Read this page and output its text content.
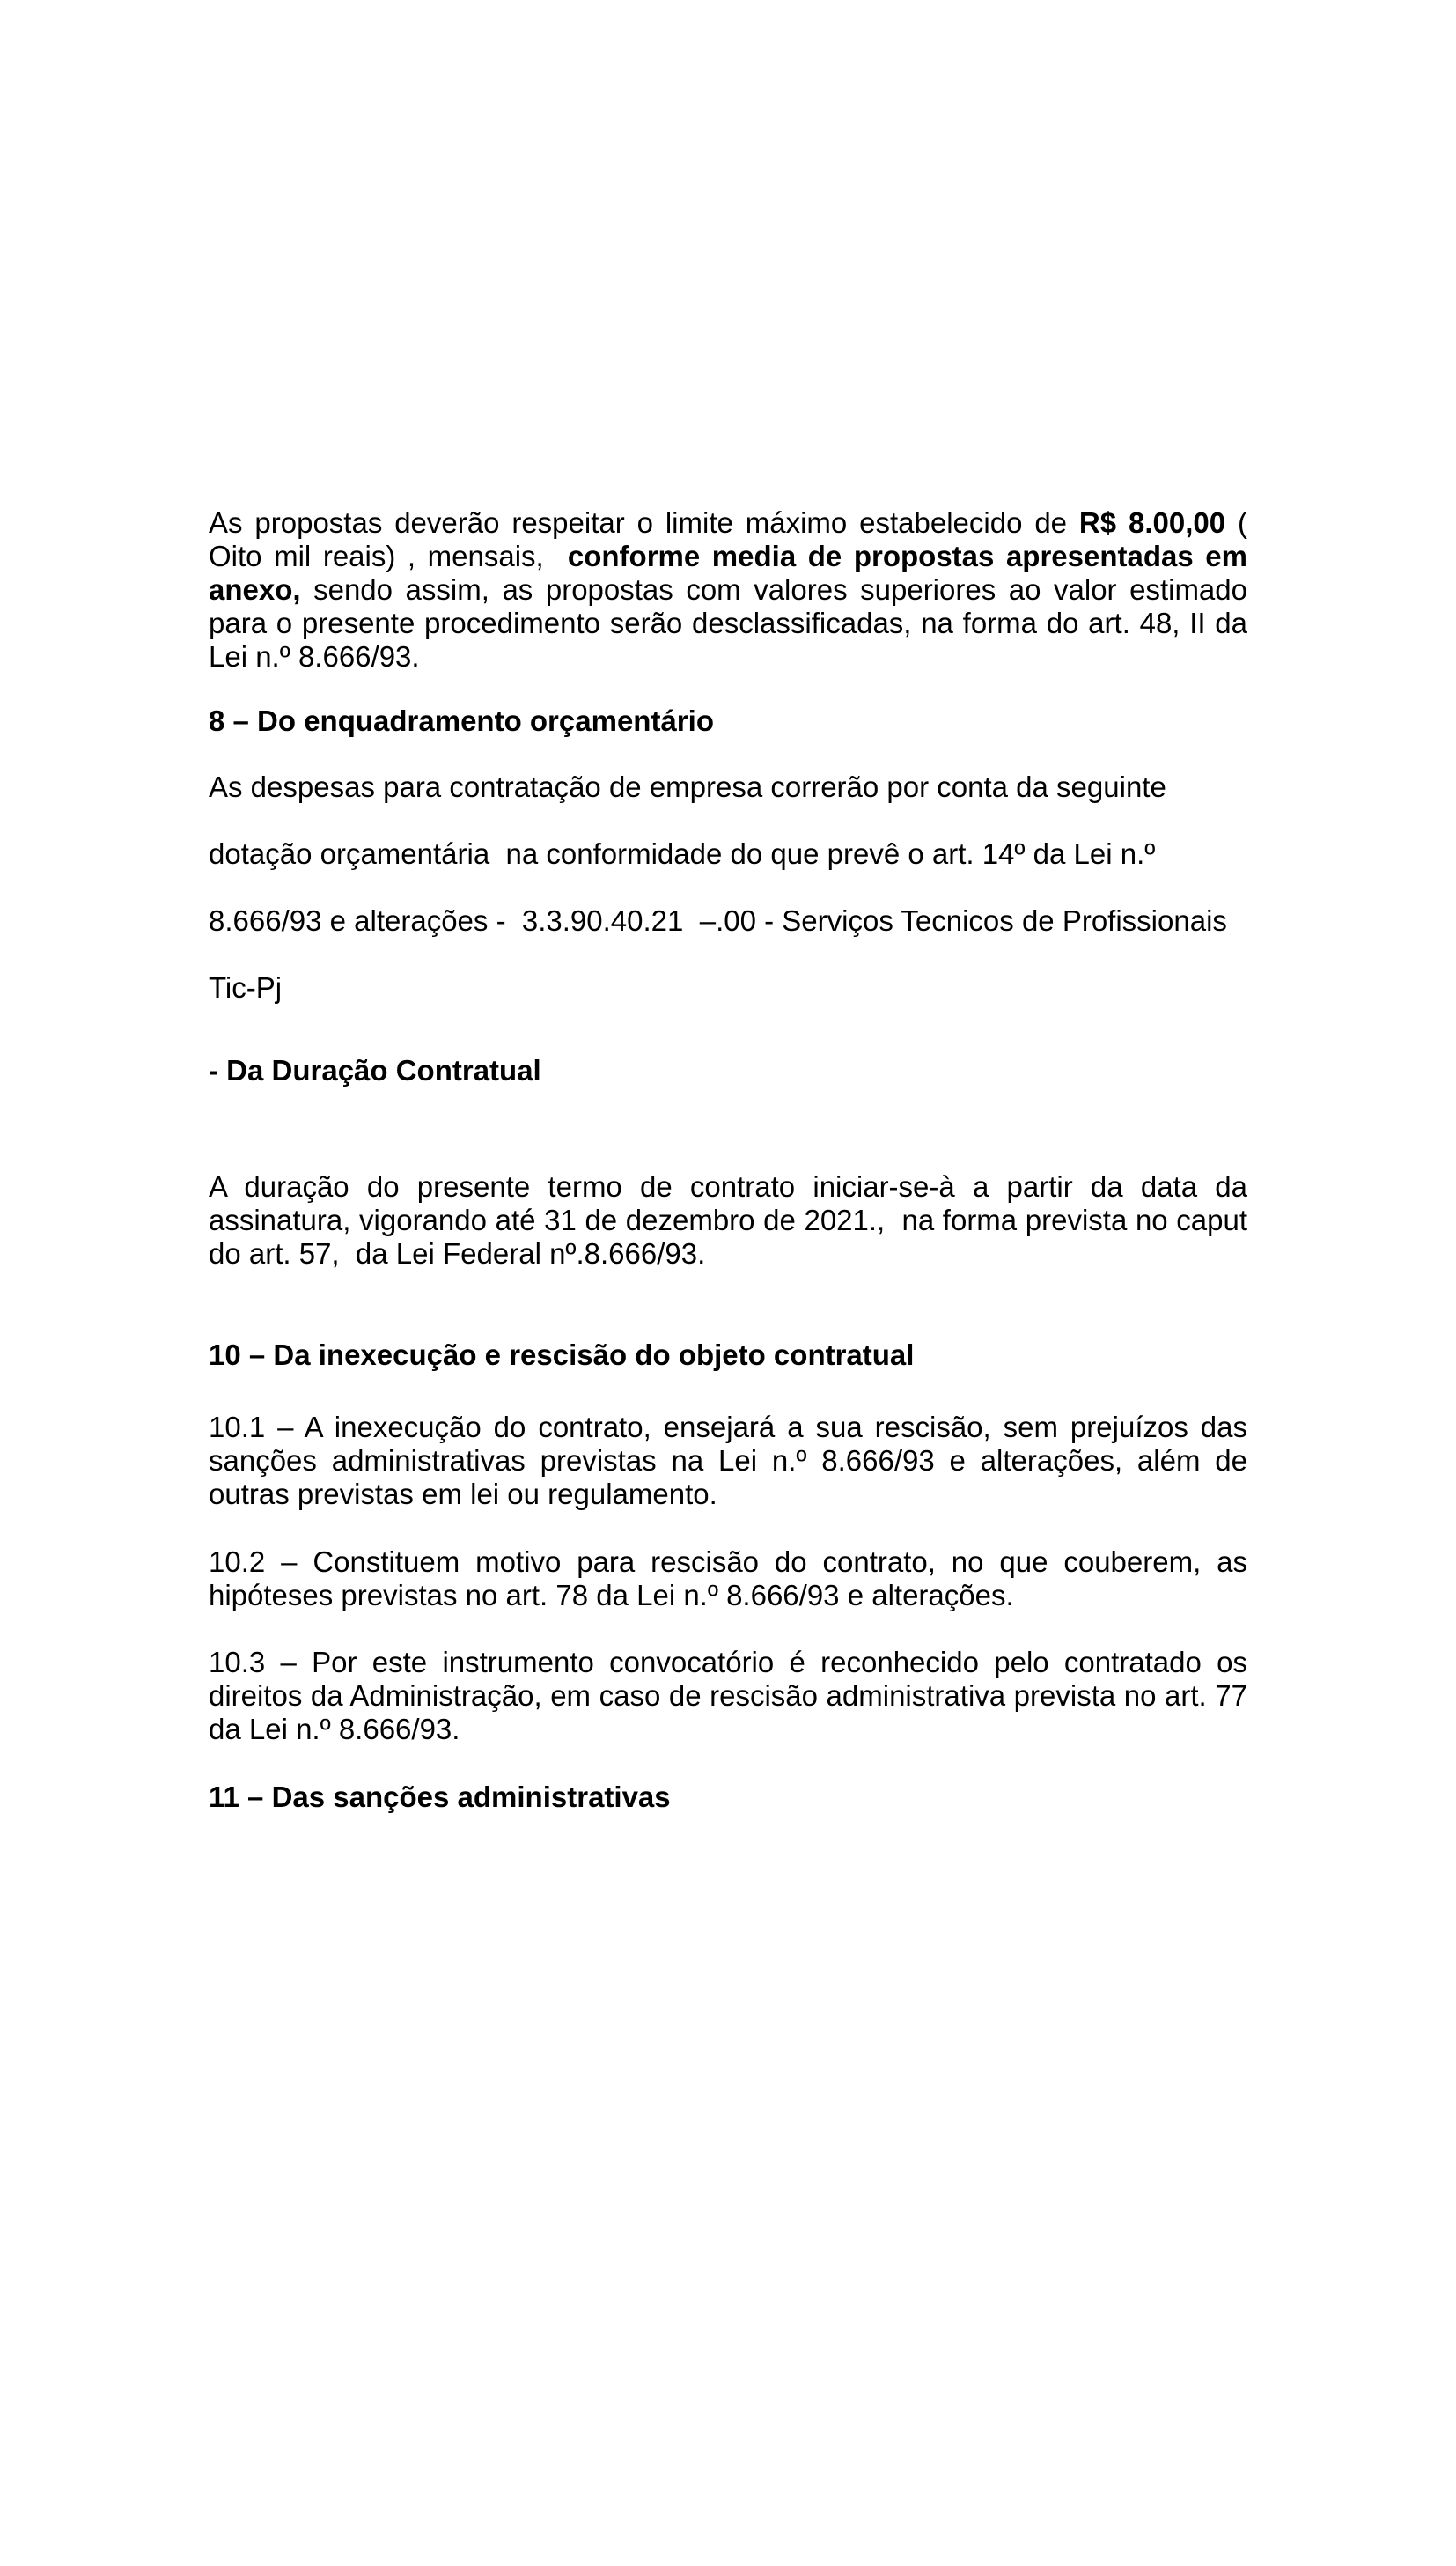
As propostas deverão respeitar o limite máximo estabelecido de R$ 8.00,00 ( Oito mil reais) , mensais,  conforme media de propostas apresentadas em anexo, sendo assim, as propostas com valores superiores ao valor estimado para o presente procedimento serão desclassificadas, na forma do art. 48, II da Lei n.º 8.666/93.

8 – Do enquadramento orçamentário

As despesas para contratação de empresa correrão por conta da seguinte dotação orçamentária  na conformidade do que prevê o art. 14º da Lei n.º 8.666/93 e alterações -  3.3.90.40.21  –.00 - Serviços Tecnicos de Profissionais Tic-Pj

- Da Duração Contratual

A duração do presente termo de contrato iniciar-se-à a partir da data da assinatura, vigorando até 31 de dezembro de 2021.,  na forma prevista no caput do art. 57,  da Lei Federal nº.8.666/93.

10 – Da inexecução e rescisão do objeto contratual

10.1 – A inexecução do contrato, ensejará a sua rescisão, sem prejuízos das sanções administrativas previstas na Lei n.º 8.666/93 e alterações, além de outras previstas em lei ou regulamento.

10.2 – Constituem motivo para rescisão do contrato, no que couberem, as hipóteses previstas no art. 78 da Lei n.º 8.666/93 e alterações.

10.3 – Por este instrumento convocatório é reconhecido pelo contratado os direitos da Administração, em caso de rescisão administrativa prevista no art. 77 da Lei n.º 8.666/93.

11 – Das sanções administrativas
